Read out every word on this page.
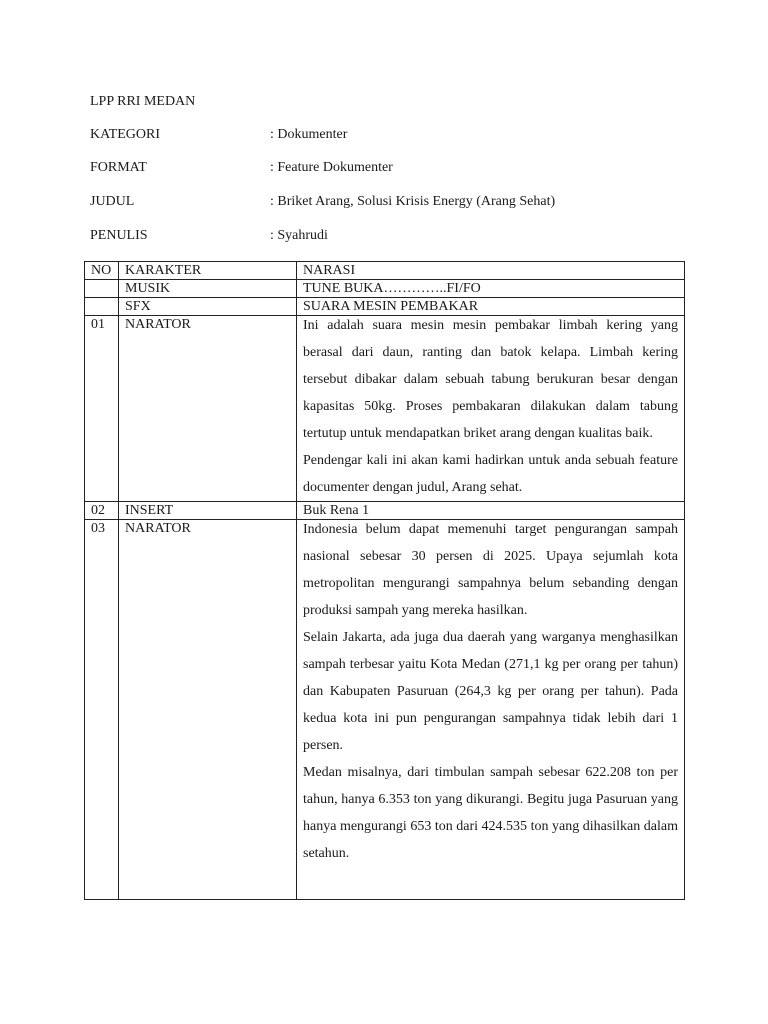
LPP RRI MEDAN
KATEGORI	: Dokumenter
FORMAT	: Feature Dokumenter
JUDUL	: Briket Arang, Solusi Krisis Energy (Arang Sehat)
PENULIS	: Syahrudi
NO	KARAKTER	NARASI
	MUSIK	TUNE BUKA…………..FI/FO
	SFX	SUARA MESIN PEMBAKAR
01	NARATOR	Ini adalah suara mesin mesin pembakar limbah kering yang berasal dari daun, ranting dan batok kelapa. Limbah kering tersebut dibakar dalam sebuah tabung berukuran besar dengan kapasitas 50kg. Proses pembakaran dilakukan dalam tabung tertutup untuk mendapatkan briket arang dengan kualitas baik.

Pendengar kali ini akan kami hadirkan untuk anda sebuah feature documenter dengan judul, Arang sehat.

02	INSERT	Buk Rena 1
03	NARATOR	Indonesia belum dapat memenuhi target pengurangan sampah nasional sebesar 30 persen di 2025. Upaya sejumlah kota metropolitan mengurangi sampahnya belum sebanding dengan produksi sampah yang mereka hasilkan.

Selain Jakarta, ada juga dua daerah yang warganya menghasilkan sampah terbesar yaitu Kota Medan (271,1 kg per orang per tahun) dan Kabupaten Pasuruan (264,3 kg per orang per tahun). Pada kedua kota ini pun pengurangan sampahnya tidak lebih dari 1 persen.

Medan misalnya, dari timbulan sampah sebesar 622.208 ton per tahun, hanya 6.353 ton yang dikurangi. Begitu juga Pasuruan yang hanya mengurangi 653 ton dari 424.535 ton yang dihasilkan dalam setahun.
